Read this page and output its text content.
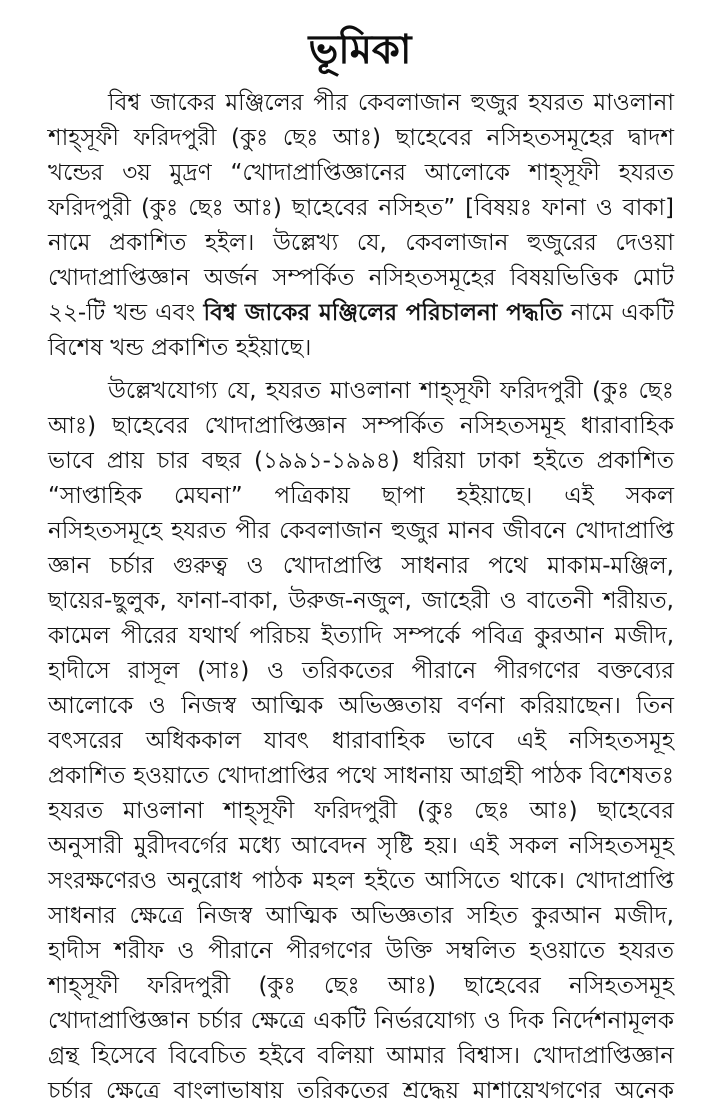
ভূমিকা
বিশ্ব জাকের মঞ্জিলের পীর কেবলাজান হুজুর হযরত মাওলানা
শাহ্‌সূফী ফরিদপুরী (কুঃ ছেঃ আঃ) ছাহেবের নসিহতসমূহের দ্বাদশ
খন্ডের ৩য় মুদ্রণ “খোদাপ্রাপ্তিজ্ঞানের আলোকে শাহ্‌সূফী হযরত
ফরিদপুরী (কুঃ ছেঃ আঃ) ছাহেবের নসিহত” [বিষয়ঃ ফানা ও বাকা]
নামে প্রকাশিত হইল। উল্লেখ্য যে, কেবলাজান হুজুরের দেওয়া
খোদাপ্রাপ্তিজ্ঞান অর্জন সম্পর্কিত নসিহতসমূহের বিষয়ভিত্তিক মোট
২২-টি খন্ড এবং বিশ্ব জাকের মঞ্জিলের পরিচালনা পদ্ধতি নামে একটি
বিশেষ খন্ড প্রকাশিত হইয়াছে।
উল্লেখযোগ্য যে, হযরত মাওলানা শাহ্‌সূফী ফরিদপুরী (কুঃ ছেঃ
আঃ) ছাহেবের খোদাপ্রাপ্তিজ্ঞান সম্পর্কিত নসিহতসমূহ ধারাবাহিক
ভাবে প্রায় চার বছর (১৯৯১-১৯৯৪) ধরিয়া ঢাকা হইতে প্রকাশিত
“সাপ্তাহিক মেঘনা” পত্রিকায় ছাপা হইয়াছে। এই সকল
নসিহতসমূহে হযরত পীর কেবলাজান হুজুর মানব জীবনে খোদাপ্রাপ্তি
জ্ঞান চর্চার গুরুত্ব ও খোদাপ্রাপ্তি সাধনার পথে মাকাম-মঞ্জিল,
ছায়ের-ছুলুক, ফানা-বাকা, উরুজ-নজুল, জাহেরী ও বাতেনী শরীয়ত,
কামেল পীরের যথার্থ পরিচয় ইত্যাদি সম্পর্কে পবিত্র কুরআন মজীদ,
হাদীসে রাসূল (সাঃ) ও তরিকতের পীরানে পীরগণের বক্তব্যের
আলোকে ও নিজস্ব আত্মিক অভিজ্ঞতায় বর্ণনা করিয়াছেন। তিন
বৎসরের অধিককাল যাবৎ ধারাবাহিক ভাবে এই নসিহতসমূহ
প্রকাশিত হওয়াতে খোদাপ্রাপ্তির পথে সাধনায় আগ্রহী পাঠক বিশেষতঃ
হযরত মাওলানা শাহ্‌সূফী ফরিদপুরী (কুঃ ছেঃ আঃ) ছাহেবের
অনুসারী মুরীদবর্গের মধ্যে আবেদন সৃষ্টি হয়। এই সকল নসিহতসমূহ
সংরক্ষণেরও অনুরোধ পাঠক মহল হইতে আসিতে থাকে। খোদাপ্রাপ্তি
সাধনার ক্ষেত্রে নিজস্ব আত্মিক অভিজ্ঞতার সহিত কুরআন মজীদ,
হাদীস শরীফ ও পীরানে পীরগণের উক্তি সম্বলিত হওয়াতে হযরত
শাহ্‌সূফী ফরিদপুরী (কুঃ ছেঃ আঃ) ছাহেবের নসিহতসমূহ
খোদাপ্রাপ্তিজ্ঞান চর্চার ক্ষেত্রে একটি নির্ভরযোগ্য ও দিক নির্দেশনামূলক
গ্রন্থ হিসেবে বিবেচিত হইবে বলিয়া আমার বিশ্বাস। খোদাপ্রাপ্তিজ্ঞান
চর্চার ক্ষেত্রে বাংলাভাষায় তরিকতের শ্রদ্ধেয় মাশায়েখগণের অনেক
